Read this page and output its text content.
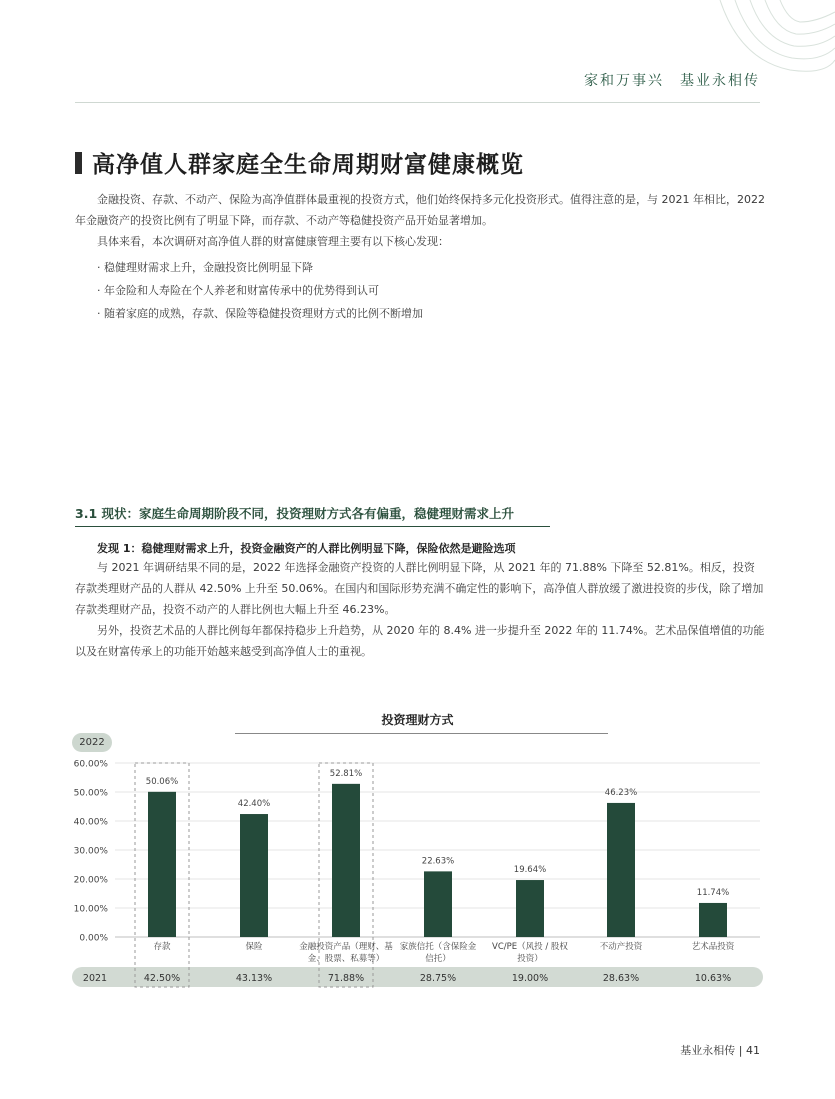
家和万事兴　基业永相传
高净值人群家庭全生命周期财富健康概览

金融投资、存款、不动产、保险为高净值群体最重视的投资方式，他们始终保持多元化投资形式。值得注意的是，与 2021 年相比，2022 年金融资产的投资比例有了明显下降，而存款、不动产等稳健投资产品开始显著增加。

具体来看，本次调研对高净值人群的财富健康管理主要有以下核心发现：

· 稳健理财需求上升，金融投资比例明显下降
· 年金险和人寿险在个人养老和财富传承中的优势得到认可
· 随着家庭的成熟，存款、保险等稳健投资理财方式的比例不断增加
3.1 现状：家庭生命周期阶段不同，投资理财方式各有偏重，稳健理财需求上升
发现 1：稳健理财需求上升，投资金融资产的人群比例明显下降，保险依然是避险选项

与 2021 年调研结果不同的是，2022 年选择金融资产投资的人群比例明显下降，从 2021 年的 71.88% 下降至 52.81%。相反，投资存款类理财产品的人群从 42.50% 上升至 50.06%。在国内和国际形势充满不确定性的影响下，高净值人群放缓了激进投资的步伐，除了增加存款类理财产品，投资不动产的人群比例也大幅上升至 46.23%。

另外，投资艺术品的人群比例每年都保持稳步上升趋势，从 2020 年的 8.4% 进一步提升至 2022 年的 11.74%。艺术品保值增值的功能以及在财富传承上的功能开始越来越受到高净值人士的重视。

投资理财方式
2022
0.00%
10.00%
20.00%
30.00%
40.00%
50.00%
60.00%
50.06%
存款
42.50%
42.40%
保险
43.13%
52.81%
金融投资产品（理财、基
金、股票、私募等）
71.88%
22.63%
家族信托（含保险金
信托）
28.75%
19.64%
VC/PE（风投 / 股权
投资）
19.00%
46.23%
不动产投资
28.63%
11.74%
艺术品投资
10.63%
2021
基业永相传 | 41
